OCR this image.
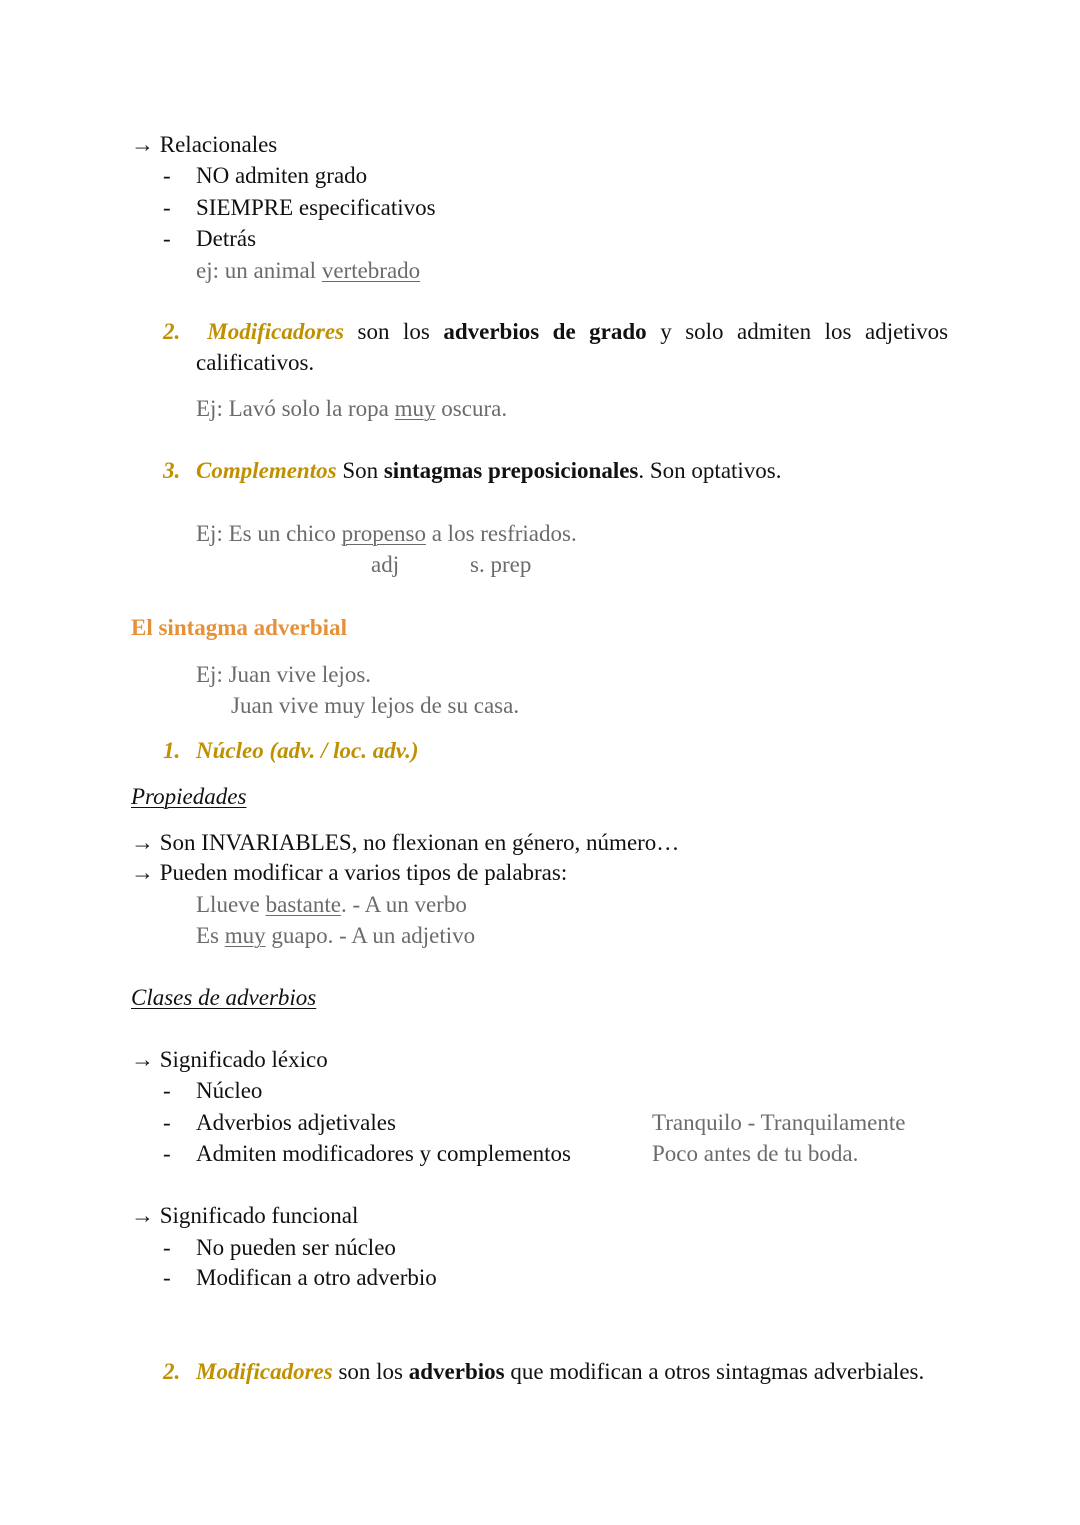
→ Relacionales
- NO admiten grado
- SIEMPRE especificativos
- Detrás
ej: un animal vertebrado
2. Modificadores son los adverbios de grado y solo admiten los adjetivos
calificativos.
Ej: Lavó solo la ropa muy oscura.
3. Complementos Son sintagmas preposicionales. Son optativos.
Ej: Es un chico propenso a los resfriados.
adj	s. prep
El sintagma adverbial
Ej: Juan vive lejos.
Juan vive muy lejos de su casa.
1. Núcleo (adv. / loc. adv.)
Propiedades
→ Son INVARIABLES, no flexionan en género, número…
→ Pueden modificar a varios tipos de palabras:
Llueve bastante. - A un verbo
Es muy guapo. - A un adjetivo
Clases de adverbios
→ Significado léxico
- Núcleo
- Adverbios adjetivales
- Admiten modificadores y complementos
Tranquilo - Tranquilamente
Poco antes de tu boda.
→ Significado funcional
- No pueden ser núcleo
- Modifican a otro adverbio
2. Modificadores son los adverbios que modifican a otros sintagmas adverbiales.
